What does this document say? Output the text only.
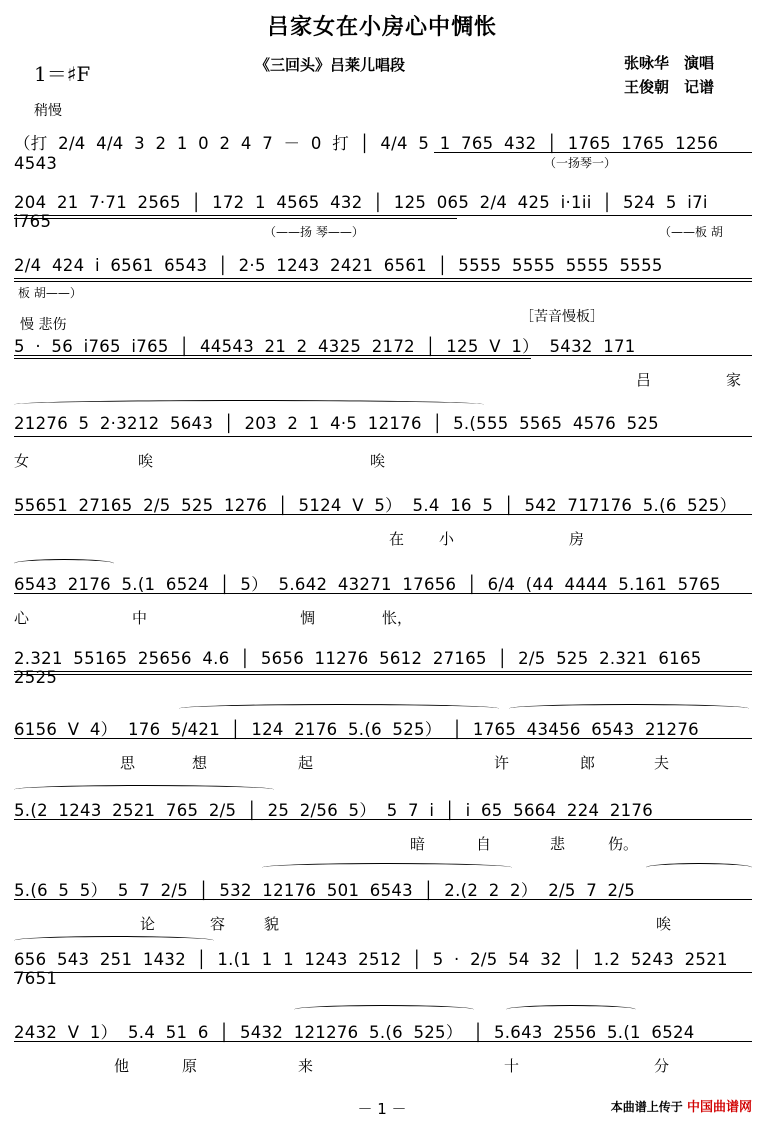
吕家女在小房心中惆怅
1＝♯F	《三回头》吕莱儿唱段	张咏华　演唱
王俊朝　记谱
稍慢
（打 2/4 4/4 3 2 1 0 2 4 7 － 0 打 │ 4/4 5 1 765 432 │ 1765 1765 1256 4543	（一扬琴一）
204 21 7·71 2565 │ 172 1 4565 432 │ 125 065 2/4 425 i·1ii │ 524 5 i7i i765
（——扬 琴——）	（——板 胡
2/4 424 i 6561 6543 │ 2·5 1243 2421 6561 │ 5555 5555 5555 5555
板 胡——）
慢 悲伤	［苦音慢板］
5 · 56 i765 i765 │ 44543 21 2 4325 2172 │ 125 V 1） 5432 171
吕	家
21276 5 2·3212 5643 │ 203 2 1 4·5 12176 │ 5.(555 5565 4576 525
女	唉	唉
55651 27165 2/5 525 1276 │ 5124 V 5） 5.4 16 5 │ 542 717176 5.(6 525）
在 小	房
6543 2176 5.(1 6524 │ 5） 5.642 43271 17656 │ 6/4 (44 4444 5.161 5765
心	中	惆	怅，
2.321 55165 25656 4.6 │ 5656 11276 5612 27165 │ 2/5 525 2.321 6165 2525
6156 V 4） 176 5/421 │ 124 2176 5.(6 525） │ 1765 43456 6543 21276
思	想	起	许	郎	夫
5.(2 1243 2521 765 2/5 │ 25 2/56 5） 5 7 i │ i 65 5664 224 2176
暗	自	悲	伤。
5.(6 5 5） 5 7 2/5 │ 532 12176 501 6543 │ 2.(2 2 2） 2/5 7 2/5
论	容	貌	唉
656 543 251 1432 │ 1.(1 1 1 1243 2512 │ 5 · 2/5 54 32 │ 1.2 5243 2521 7651
2432 V 1） 5.4 51 6 │ 5432 121276 5.(6 525） │ 5.643 2556 5.(1 6524
他	原	来	十	分
－ 1 －	本曲谱上传于 中国曲谱网
